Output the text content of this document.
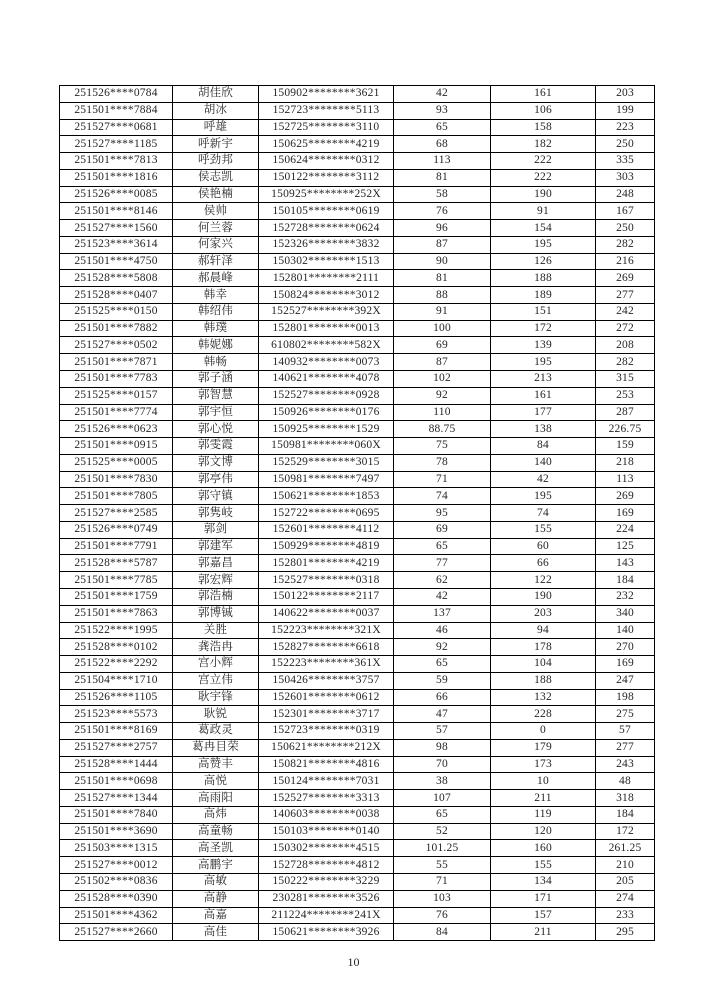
251526****0784	胡佳欣	150902********3621	42	161	203
251501****7884	胡冰	152723********5113	93	106	199
251527****0681	呼雄	152725********3110	65	158	223
251527****1185	呼新宇	150625********4219	68	182	250
251501****7813	呼劲邦	150624********0312	113	222	335
251501****1816	侯志凯	150122********3112	81	222	303
251526****0085	侯艳楠	150925********252X	58	190	248
251501****8146	侯帅	150105********0619	76	91	167
251527****1560	何兰蓉	152728********0624	96	154	250
251523****3614	何家兴	152326********3832	87	195	282
251501****4750	郝轩泽	150302********1513	90	126	216
251528****5808	郝晨峰	152801********2111	81	188	269
251528****0407	韩幸	150824********3012	88	189	277
251525****0150	韩绍伟	152527********392X	91	151	242
251501****7882	韩璞	152801********0013	100	172	272
251527****0502	韩妮娜	610802********582X	69	139	208
251501****7871	韩畅	140932********0073	87	195	282
251501****7783	郭子涵	140621********4078	102	213	315
251525****0157	郭智慧	152527********0928	92	161	253
251501****7774	郭宇恒	150926********0176	110	177	287
251526****0623	郭心悦	150925********1529	88.75	138	226.75
251501****0915	郭雯霞	150981********060X	75	84	159
251525****0005	郭文博	152529********3015	78	140	218
251501****7830	郭亭伟	150981********7497	71	42	113
251501****7805	郭守镇	150621********1853	74	195	269
251527****2585	郭隽岐	152722********0695	95	74	169
251526****0749	郭剑	152601********4112	69	155	224
251501****7791	郭建军	150929********4819	65	60	125
251528****5787	郭嘉昌	152801********4219	77	66	143
251501****7785	郭宏辉	152527********0318	62	122	184
251501****1759	郭浩楠	150122********2117	42	190	232
251501****7863	郭博铖	140622********0037	137	203	340
251522****1995	关胜	152223********321X	46	94	140
251528****0102	龚浩冉	152827********6618	92	178	270
251522****2292	宫小辉	152223********361X	65	104	169
251504****1710	宫立伟	150426********3757	59	188	247
251526****1105	耿宇锋	152601********0612	66	132	198
251523****5573	耿锐	152301********3717	47	228	275
251501****8169	葛政灵	152723********0319	57	0	57
251527****2757	葛冉目荣	150621********212X	98	179	277
251528****1444	高赞丰	150821********4816	70	173	243
251501****0698	高悦	150124********7031	38	10	48
251527****1344	高雨阳	152527********3313	107	211	318
251501****7840	高炜	140603********0038	65	119	184
251501****3690	高童畅	150103********0140	52	120	172
251503****1315	高圣凯	150302********4515	101.25	160	261.25
251527****0012	高鹏宇	152728********4812	55	155	210
251502****0836	高敏	150222********3229	71	134	205
251528****0390	高静	230281********3526	103	171	274
251501****4362	高嘉	211224********241X	76	157	233
251527****2660	高佳	150621********3926	84	211	295
10
